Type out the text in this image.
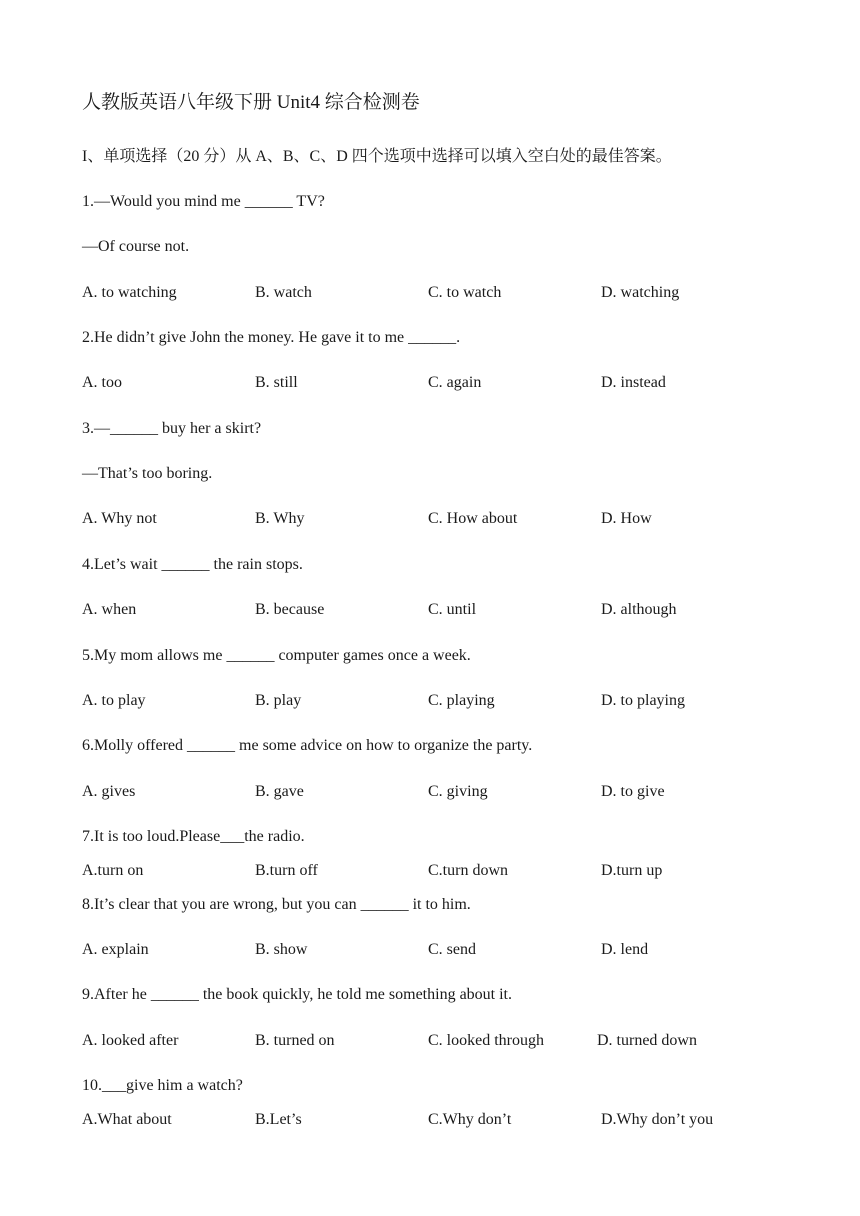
人教版英语八年级下册 Unit4 综合检测卷
I、单项选择（20 分）从 A、B、C、D 四个选项中选择可以填入空白处的最佳答案。
1.—Would you mind me ______ TV?
—Of course not.
A. to watching	B. watch	C. to watch	D. watching
2.He didn’t give John the money. He gave it to me ______.
A. too	B. still	C. again	D. instead
3.—______ buy her a skirt?
—That’s too boring.
A. Why not	B. Why	C. How about	D. How
4.Let’s wait ______ the rain stops.
A. when	B. because	C. until	D. although
5.My mom allows me ______ computer games once a week.
A. to play	B. play	C. playing	D. to playing
6.Molly offered ______ me some advice on how to organize the party.
A. gives	B. gave	C. giving	D. to give
7.It is too loud.Please___the radio.
A.turn on	B.turn off	C.turn down	D.turn up
8.It’s clear that you are wrong, but you can ______ it to him.
A. explain	B. show	C. send	D. lend
9.After he ______ the book quickly, he told me something about it.
A. looked after	B. turned on	C. looked through	D. turned down
10.___give him a watch?
A.What about	B.Let’s	C.Why don’t	D.Why don’t you
